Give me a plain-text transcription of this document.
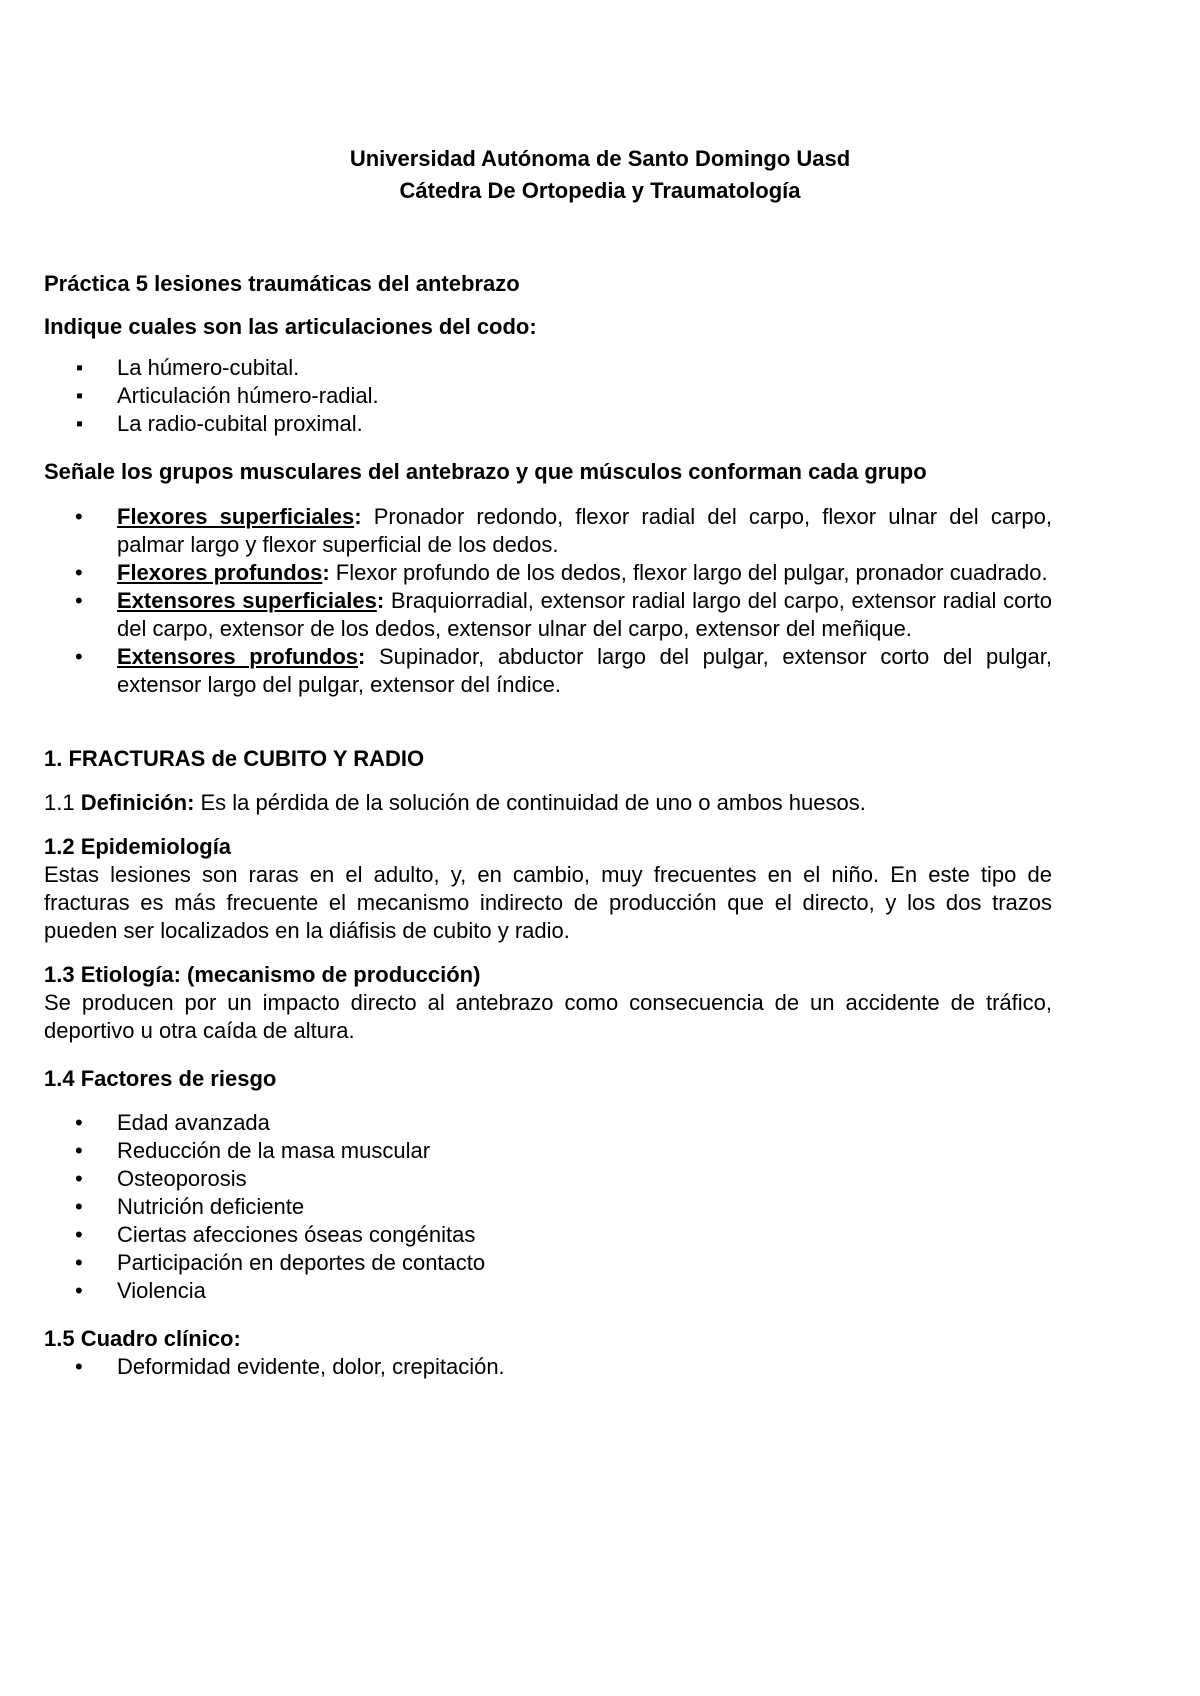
Universidad Autónoma de Santo Domingo Uasd
Cátedra De Ortopedia y Traumatología

Práctica 5 lesiones traumáticas del antebrazo

Indique cuales son las articulaciones del codo:

▪ La húmero-cubital.
▪ Articulación húmero-radial.
▪ La radio-cubital proximal.

Señale los grupos musculares del antebrazo y que músculos conforman cada grupo

• Flexores superficiales: Pronador redondo, flexor radial del carpo, flexor ulnar del carpo, palmar largo y flexor superficial de los dedos.
• Flexores profundos: Flexor profundo de los dedos, flexor largo del pulgar, pronador cuadrado.
• Extensores superficiales: Braquiorradial, extensor radial largo del carpo, extensor radial corto del carpo, extensor de los dedos, extensor ulnar del carpo, extensor del meñique.
• Extensores profundos: Supinador, abductor largo del pulgar, extensor corto del pulgar, extensor largo del pulgar, extensor del índice.

1. FRACTURAS de CUBITO Y RADIO

1.1 Definición: Es la pérdida de la solución de continuidad de uno o ambos huesos.

1.2 Epidemiología

Estas lesiones son raras en el adulto, y, en cambio, muy frecuentes en el niño. En este tipo de fracturas es más frecuente el mecanismo indirecto de producción que el directo, y los dos trazos pueden ser localizados en la diáfisis de cubito y radio.

1.3 Etiología: (mecanismo de producción)

Se producen por un impacto directo al antebrazo como consecuencia de un accidente de tráfico, deportivo u otra caída de altura.

1.4 Factores de riesgo

• Edad avanzada
• Reducción de la masa muscular
• Osteoporosis
• Nutrición deficiente
• Ciertas afecciones óseas congénitas
• Participación en deportes de contacto
• Violencia

1.5 Cuadro clínico:

• Deformidad evidente, dolor, crepitación.
